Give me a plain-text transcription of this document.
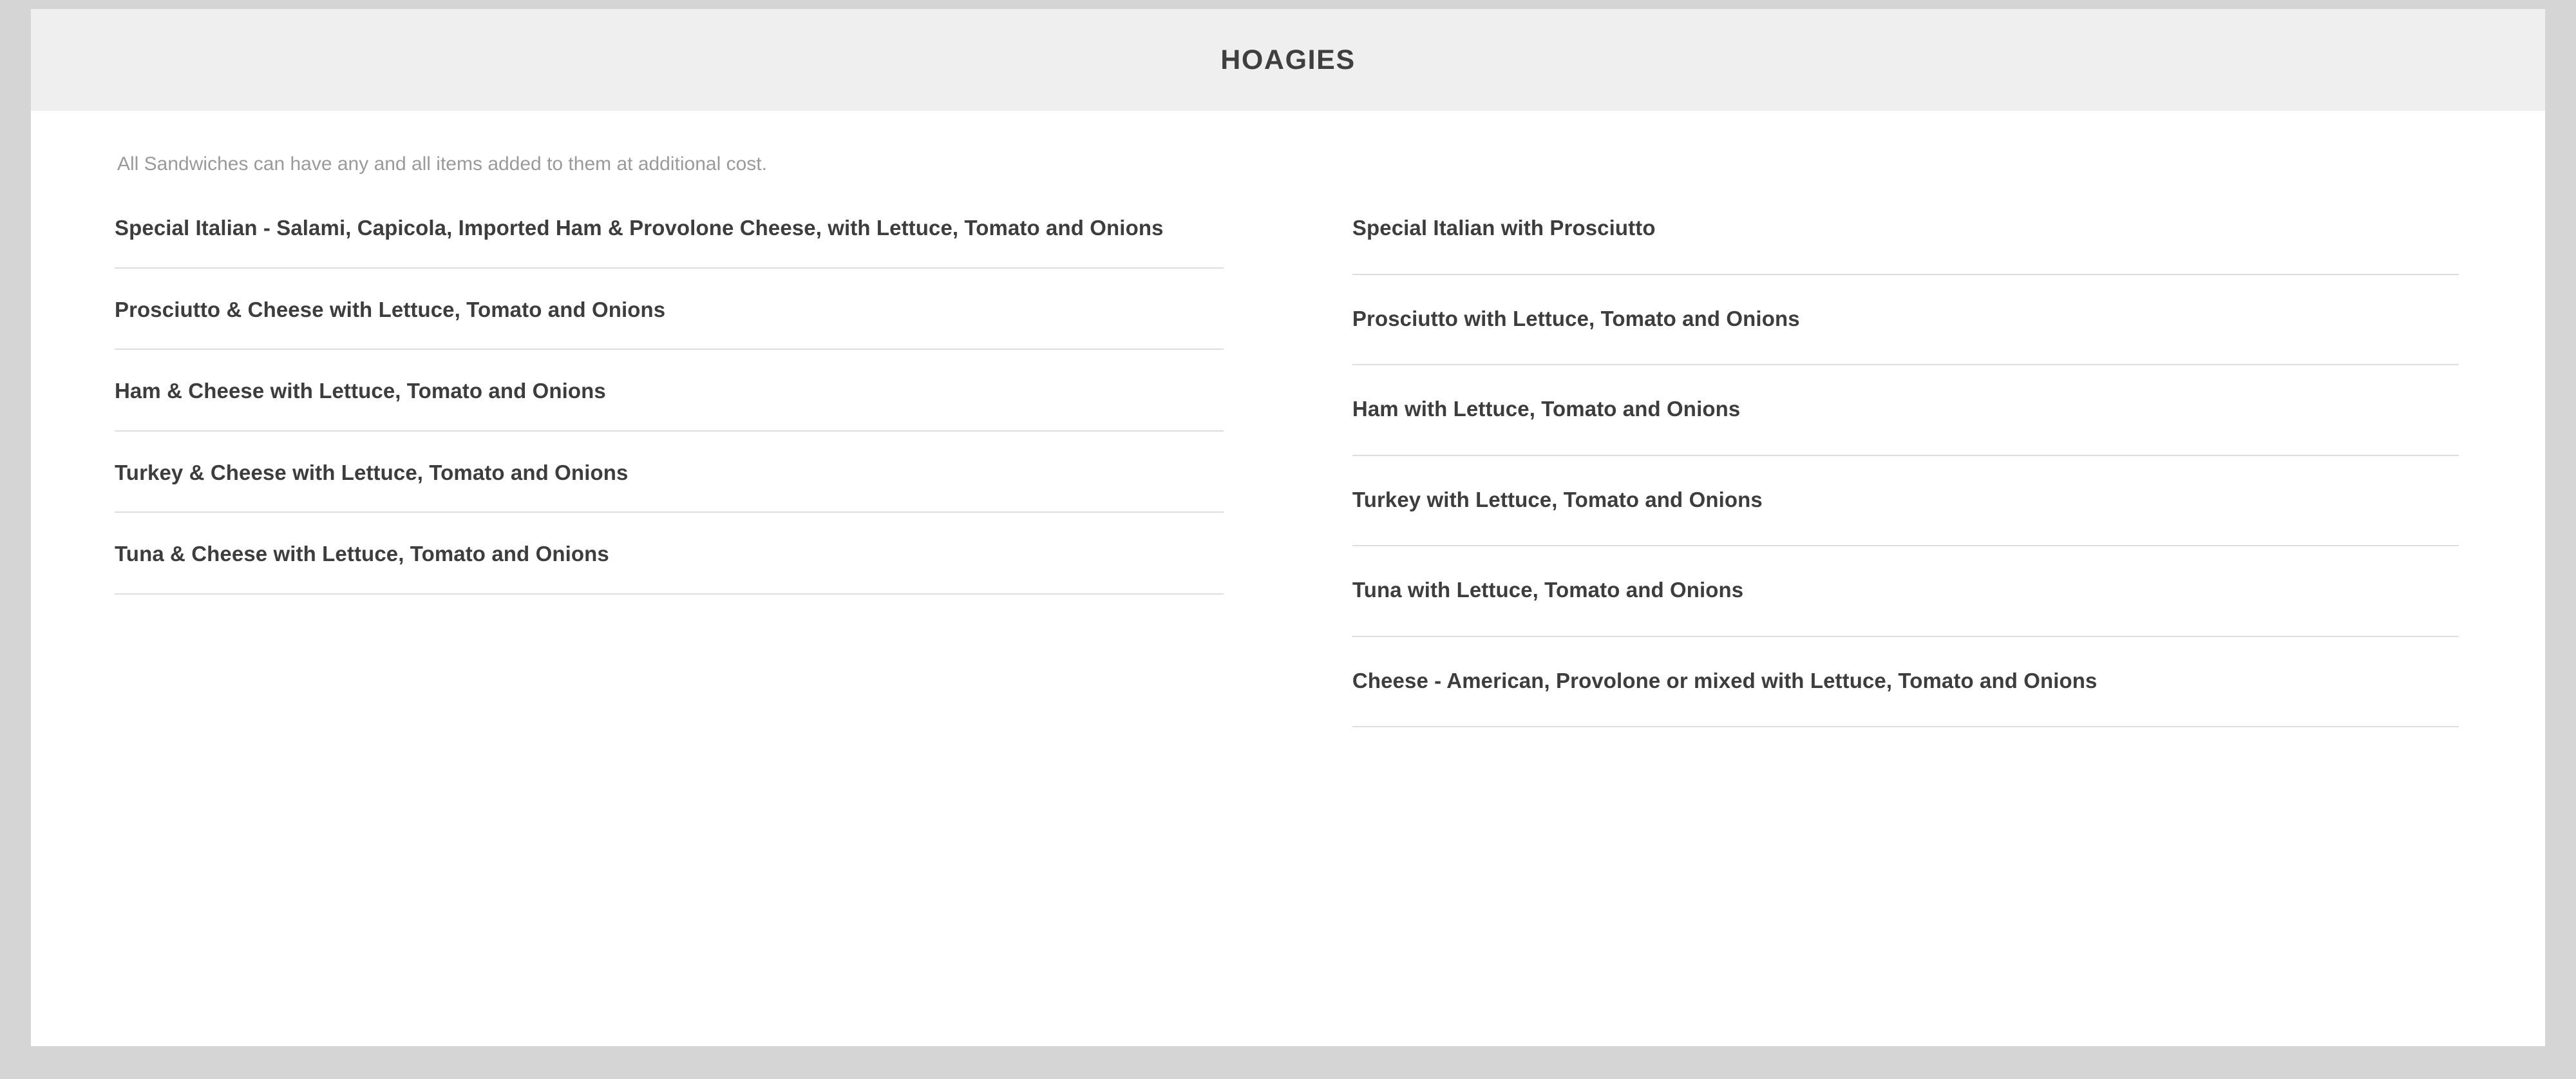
HOAGIES
All Sandwiches can have any and all items added to them at additional cost.
Special Italian - Salami, Capicola, Imported Ham & Provolone Cheese, with Lettuce, Tomato and Onions
Prosciutto & Cheese with Lettuce, Tomato and Onions
Ham & Cheese with Lettuce, Tomato and Onions
Turkey & Cheese with Lettuce, Tomato and Onions
Tuna & Cheese with Lettuce, Tomato and Onions
Special Italian with Prosciutto
Prosciutto with Lettuce, Tomato and Onions
Ham with Lettuce, Tomato and Onions
Turkey with Lettuce, Tomato and Onions
Tuna with Lettuce, Tomato and Onions
Cheese - American, Provolone or mixed with Lettuce, Tomato and Onions
